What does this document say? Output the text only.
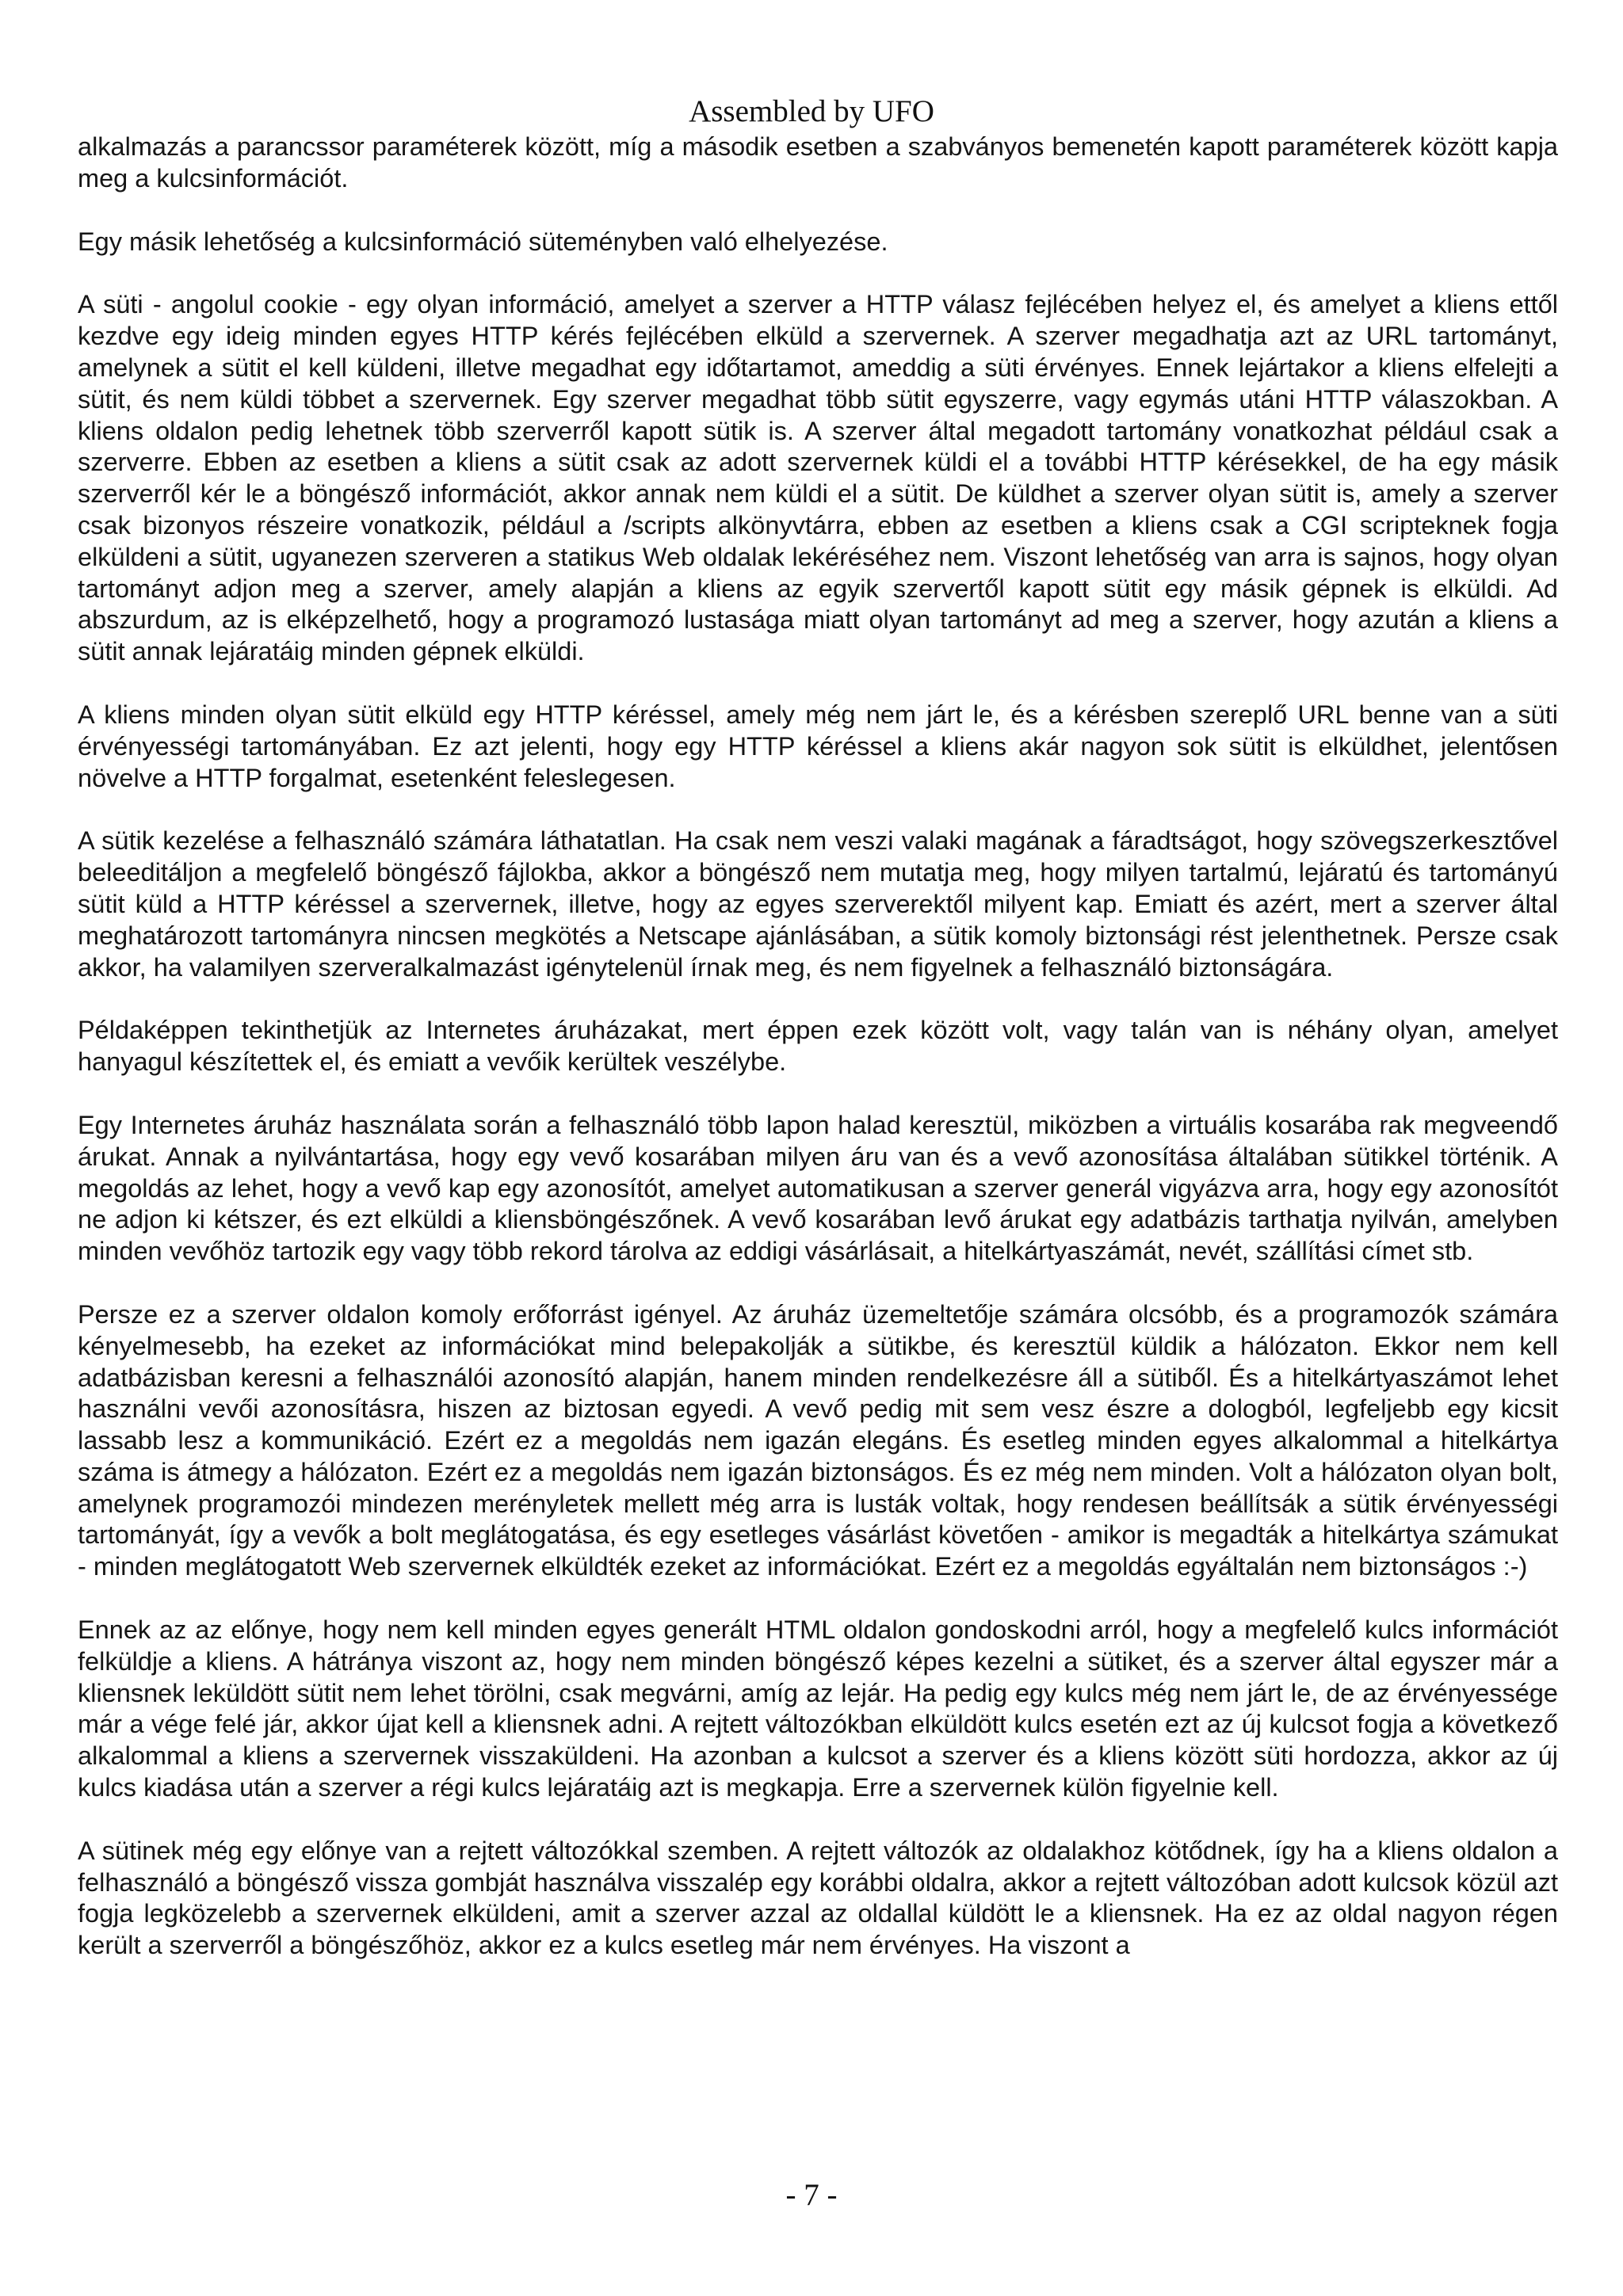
Assembled by UFO

alkalmazás a parancssor paraméterek között, míg a második esetben a szabványos bemenetén kapott paraméterek között kapja meg a kulcsinformációt.

Egy másik lehetőség a kulcsinformáció süteményben való elhelyezése.

A süti - angolul cookie - egy olyan információ, amelyet a szerver a HTTP válasz fejlécében helyez el, és amelyet a kliens ettől kezdve egy ideig minden egyes HTTP kérés fejlécében elküld a szervernek. A szerver megadhatja azt az URL tartományt, amelynek a sütit el kell küldeni, illetve megadhat egy időtartamot, ameddig a süti érvényes. Ennek lejártakor a kliens elfelejti a sütit, és nem küldi többet a szervernek. Egy szerver megadhat több sütit egyszerre, vagy egymás utáni HTTP válaszokban. A kliens oldalon pedig lehetnek több szerverről kapott sütik is. A szerver által megadott tartomány vonatkozhat például csak a szerverre. Ebben az esetben a kliens a sütit csak az adott szervernek küldi el a további HTTP kérésekkel, de ha egy másik szerverről kér le a böngésző információt, akkor annak nem küldi el a sütit. De küldhet a szerver olyan sütit is, amely a szerver csak bizonyos részeire vonatkozik, például a /scripts alkönyvtárra, ebben az esetben a kliens csak a CGI scripteknek fogja elküldeni a sütit, ugyanezen szerveren a statikus Web oldalak lekéréséhez nem. Viszont lehetőség van arra is sajnos, hogy olyan tartományt adjon meg a szerver, amely alapján a kliens az egyik szervertől kapott sütit egy másik gépnek is elküldi. Ad abszurdum, az is elképzelhető, hogy a programozó lustasága miatt olyan tartományt ad meg a szerver, hogy azután a kliens a sütit annak lejáratáig minden gépnek elküldi.

A kliens minden olyan sütit elküld egy HTTP kéréssel, amely még nem járt le, és a kérésben szereplő URL benne van a süti érvényességi tartományában. Ez azt jelenti, hogy egy HTTP kéréssel a kliens akár nagyon sok sütit is elküldhet, jelentősen növelve a HTTP forgalmat, esetenként feleslegesen.

A sütik kezelése a felhasználó számára láthatatlan. Ha csak nem veszi valaki magának a fáradtságot, hogy szövegszerkesztővel beleeditáljon a megfelelő böngésző fájlokba, akkor a böngésző nem mutatja meg, hogy milyen tartalmú, lejáratú és tartományú sütit küld a HTTP kéréssel a szervernek, illetve, hogy az egyes szerverektől milyent kap. Emiatt és azért, mert a szerver által meghatározott tartományra nincsen megkötés a Netscape ajánlásában, a sütik komoly biztonsági rést jelenthetnek. Persze csak akkor, ha valamilyen szerveralkalmazást igénytelenül írnak meg, és nem figyelnek a felhasználó biztonságára.

Példaképpen tekinthetjük az Internetes áruházakat, mert éppen ezek között volt, vagy talán van is néhány olyan, amelyet hanyagul készítettek el, és emiatt a vevőik kerültek veszélybe.

Egy Internetes áruház használata során a felhasználó több lapon halad keresztül, miközben a virtuális kosarába rak megveendő árukat. Annak a nyilvántartása, hogy egy vevő kosarában milyen áru van és a vevő azonosítása általában sütikkel történik. A megoldás az lehet, hogy a vevő kap egy azonosítót, amelyet automatikusan a szerver generál vigyázva arra, hogy egy azonosítót ne adjon ki kétszer, és ezt elküldi a kliensböngészőnek. A vevő kosarában levő árukat egy adatbázis tarthatja nyilván, amelyben minden vevőhöz tartozik egy vagy több rekord tárolva az eddigi vásárlásait, a hitelkártyaszámát, nevét, szállítási címet stb.

Persze ez a szerver oldalon komoly erőforrást igényel. Az áruház üzemeltetője számára olcsóbb, és a programozók számára kényelmesebb, ha ezeket az információkat mind belepakolják a sütikbe, és keresztül küldik a hálózaton. Ekkor nem kell adatbázisban keresni a felhasználói azonosító alapján, hanem minden rendelkezésre áll a sütiből. És a hitelkártyaszámot lehet használni vevői azonosításra, hiszen az biztosan egyedi. A vevő pedig mit sem vesz észre a dologból, legfeljebb egy kicsit lassabb lesz a kommunikáció. Ezért ez a megoldás nem igazán elegáns. És esetleg minden egyes alkalommal a hitelkártya száma is átmegy a hálózaton. Ezért ez a megoldás nem igazán biztonságos. És ez még nem minden. Volt a hálózaton olyan bolt, amelynek programozói mindezen merényletek mellett még arra is lusták voltak, hogy rendesen beállítsák a sütik érvényességi tartományát, így a vevők a bolt meglátogatása, és egy esetleges vásárlást követően - amikor is megadták a hitelkártya számukat - minden meglátogatott Web szervernek elküldték ezeket az információkat. Ezért ez a megoldás egyáltalán nem biztonságos :-)

Ennek az az előnye, hogy nem kell minden egyes generált HTML oldalon gondoskodni arról, hogy a megfelelő kulcs információt felküldje a kliens. A hátránya viszont az, hogy nem minden böngésző képes kezelni a sütiket, és a szerver által egyszer már a kliensnek leküldött sütit nem lehet törölni, csak megvárni, amíg az lejár. Ha pedig egy kulcs még nem járt le, de az érvényessége már a vége felé jár, akkor újat kell a kliensnek adni. A rejtett változókban elküldött kulcs esetén ezt az új kulcsot fogja a következő alkalommal a kliens a szervernek visszaküldeni. Ha azonban a kulcsot a szerver és a kliens között süti hordozza, akkor az új kulcs kiadása után a szerver a régi kulcs lejáratáig azt is megkapja. Erre a szervernek külön figyelnie kell.

A sütinek még egy előnye van a rejtett változókkal szemben. A rejtett változók az oldalakhoz kötődnek, így ha a kliens oldalon a felhasználó a böngésző vissza gombját használva visszalép egy korábbi oldalra, akkor a rejtett változóban adott kulcsok közül azt fogja legközelebb a szervernek elküldeni, amit a szerver azzal az oldallal küldött le a kliensnek. Ha ez az oldal nagyon régen került a szerverről a böngészőhöz, akkor ez a kulcs esetleg már nem érvényes. Ha viszont a

- 7 -
